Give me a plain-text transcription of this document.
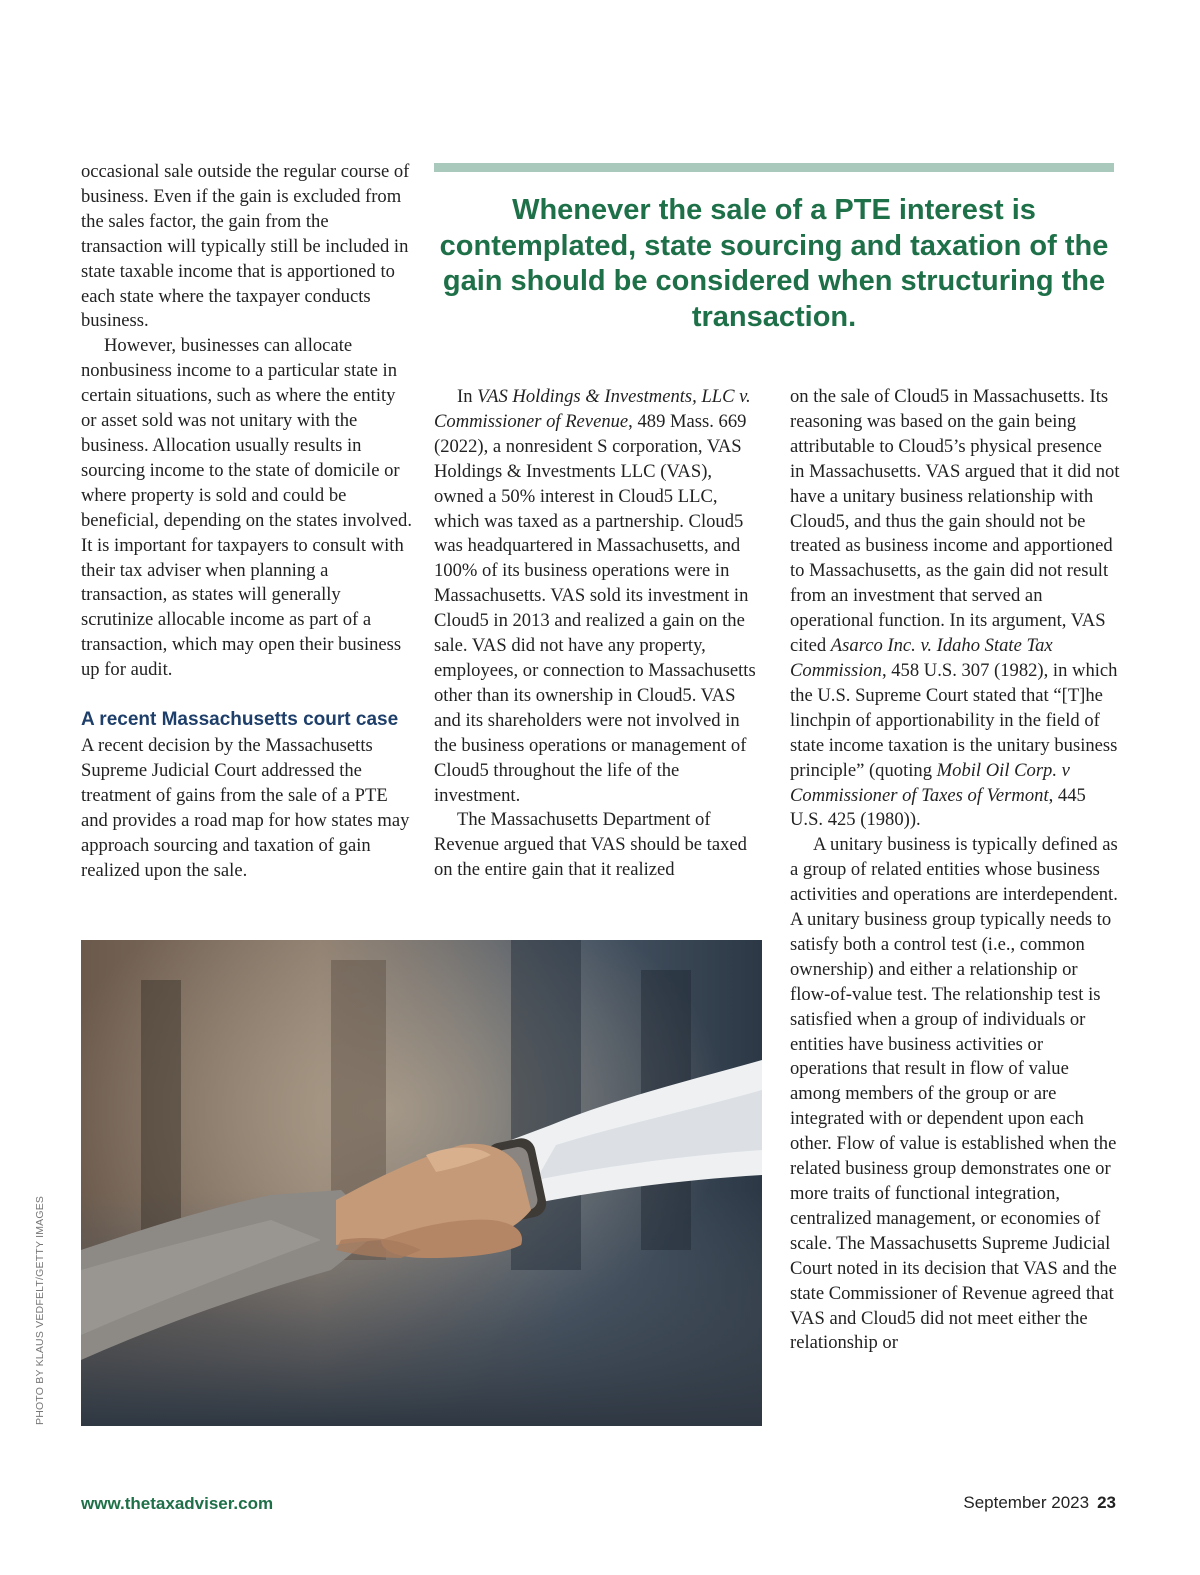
occasional sale outside the regular course of business. Even if the gain is excluded from the sales factor, the gain from the transaction will typically still be included in state taxable income that is apportioned to each state where the taxpayer conducts business.

However, businesses can allocate nonbusiness income to a particular state in certain situations, such as where the entity or asset sold was not unitary with the business. Allocation usually results in sourcing income to the state of domicile or where property is sold and could be beneficial, depending on the states involved. It is important for taxpayers to consult with their tax adviser when planning a transaction, as states will generally scrutinize allocable income as part of a transaction, which may open their business up for audit.

A recent Massachusetts court case

A recent decision by the Massachusetts Supreme Judicial Court addressed the treatment of gains from the sale of a PTE and provides a road map for how states may approach sourcing and taxation of gain realized upon the sale.

Whenever the sale of a PTE interest is contemplated, state sourcing and taxation of the gain should be considered when structuring the transaction.

In VAS Holdings & Investments, LLC v. Commissioner of Revenue, 489 Mass. 669 (2022), a nonresident S corporation, VAS Holdings & Investments LLC (VAS), owned a 50% interest in Cloud5 LLC, which was taxed as a partnership. Cloud5 was headquartered in Massachusetts, and 100% of its business operations were in Massachusetts. VAS sold its investment in Cloud5 in 2013 and realized a gain on the sale. VAS did not have any property, employees, or connection to Massachusetts other than its ownership in Cloud5. VAS and its shareholders were not involved in the business operations or management of Cloud5 throughout the life of the investment.

The Massachusetts Department of Revenue argued that VAS should be taxed on the entire gain that it realized

on the sale of Cloud5 in Massachusetts. Its reasoning was based on the gain being attributable to Cloud5’s physical presence in Massachusetts. VAS argued that it did not have a unitary business relationship with Cloud5, and thus the gain should not be treated as business income and apportioned to Massachusetts, as the gain did not result from an investment that served an operational function. In its argument, VAS cited Asarco Inc. v. Idaho State Tax Commission, 458 U.S. 307 (1982), in which the U.S. Supreme Court stated that “[T]he linchpin of apportionability in the field of state income taxation is the unitary business principle” (quoting Mobil Oil Corp. v Commissioner of Taxes of Vermont, 445 U.S. 425 (1980)).

A unitary business is typically defined as a group of related entities whose business activities and operations are interdependent. A unitary business group typically needs to satisfy both a control test (i.e., common ownership) and either a relationship or flow-of-value test. The relationship test is satisfied when a group of individuals or entities have business activities or operations that result in flow of value among members of the group or are integrated with or dependent upon each other. Flow of value is established when the related business group demonstrates one or more traits of functional integration, centralized management, or economies of scale. The Massachusetts Supreme Judicial Court noted in its decision that VAS and the state Commissioner of Revenue agreed that VAS and Cloud5 did not meet either the relationship or

PHOTO BY KLAUS VEDFELT/GETTY IMAGES
www.thetaxadviser.com	September 2023 23
